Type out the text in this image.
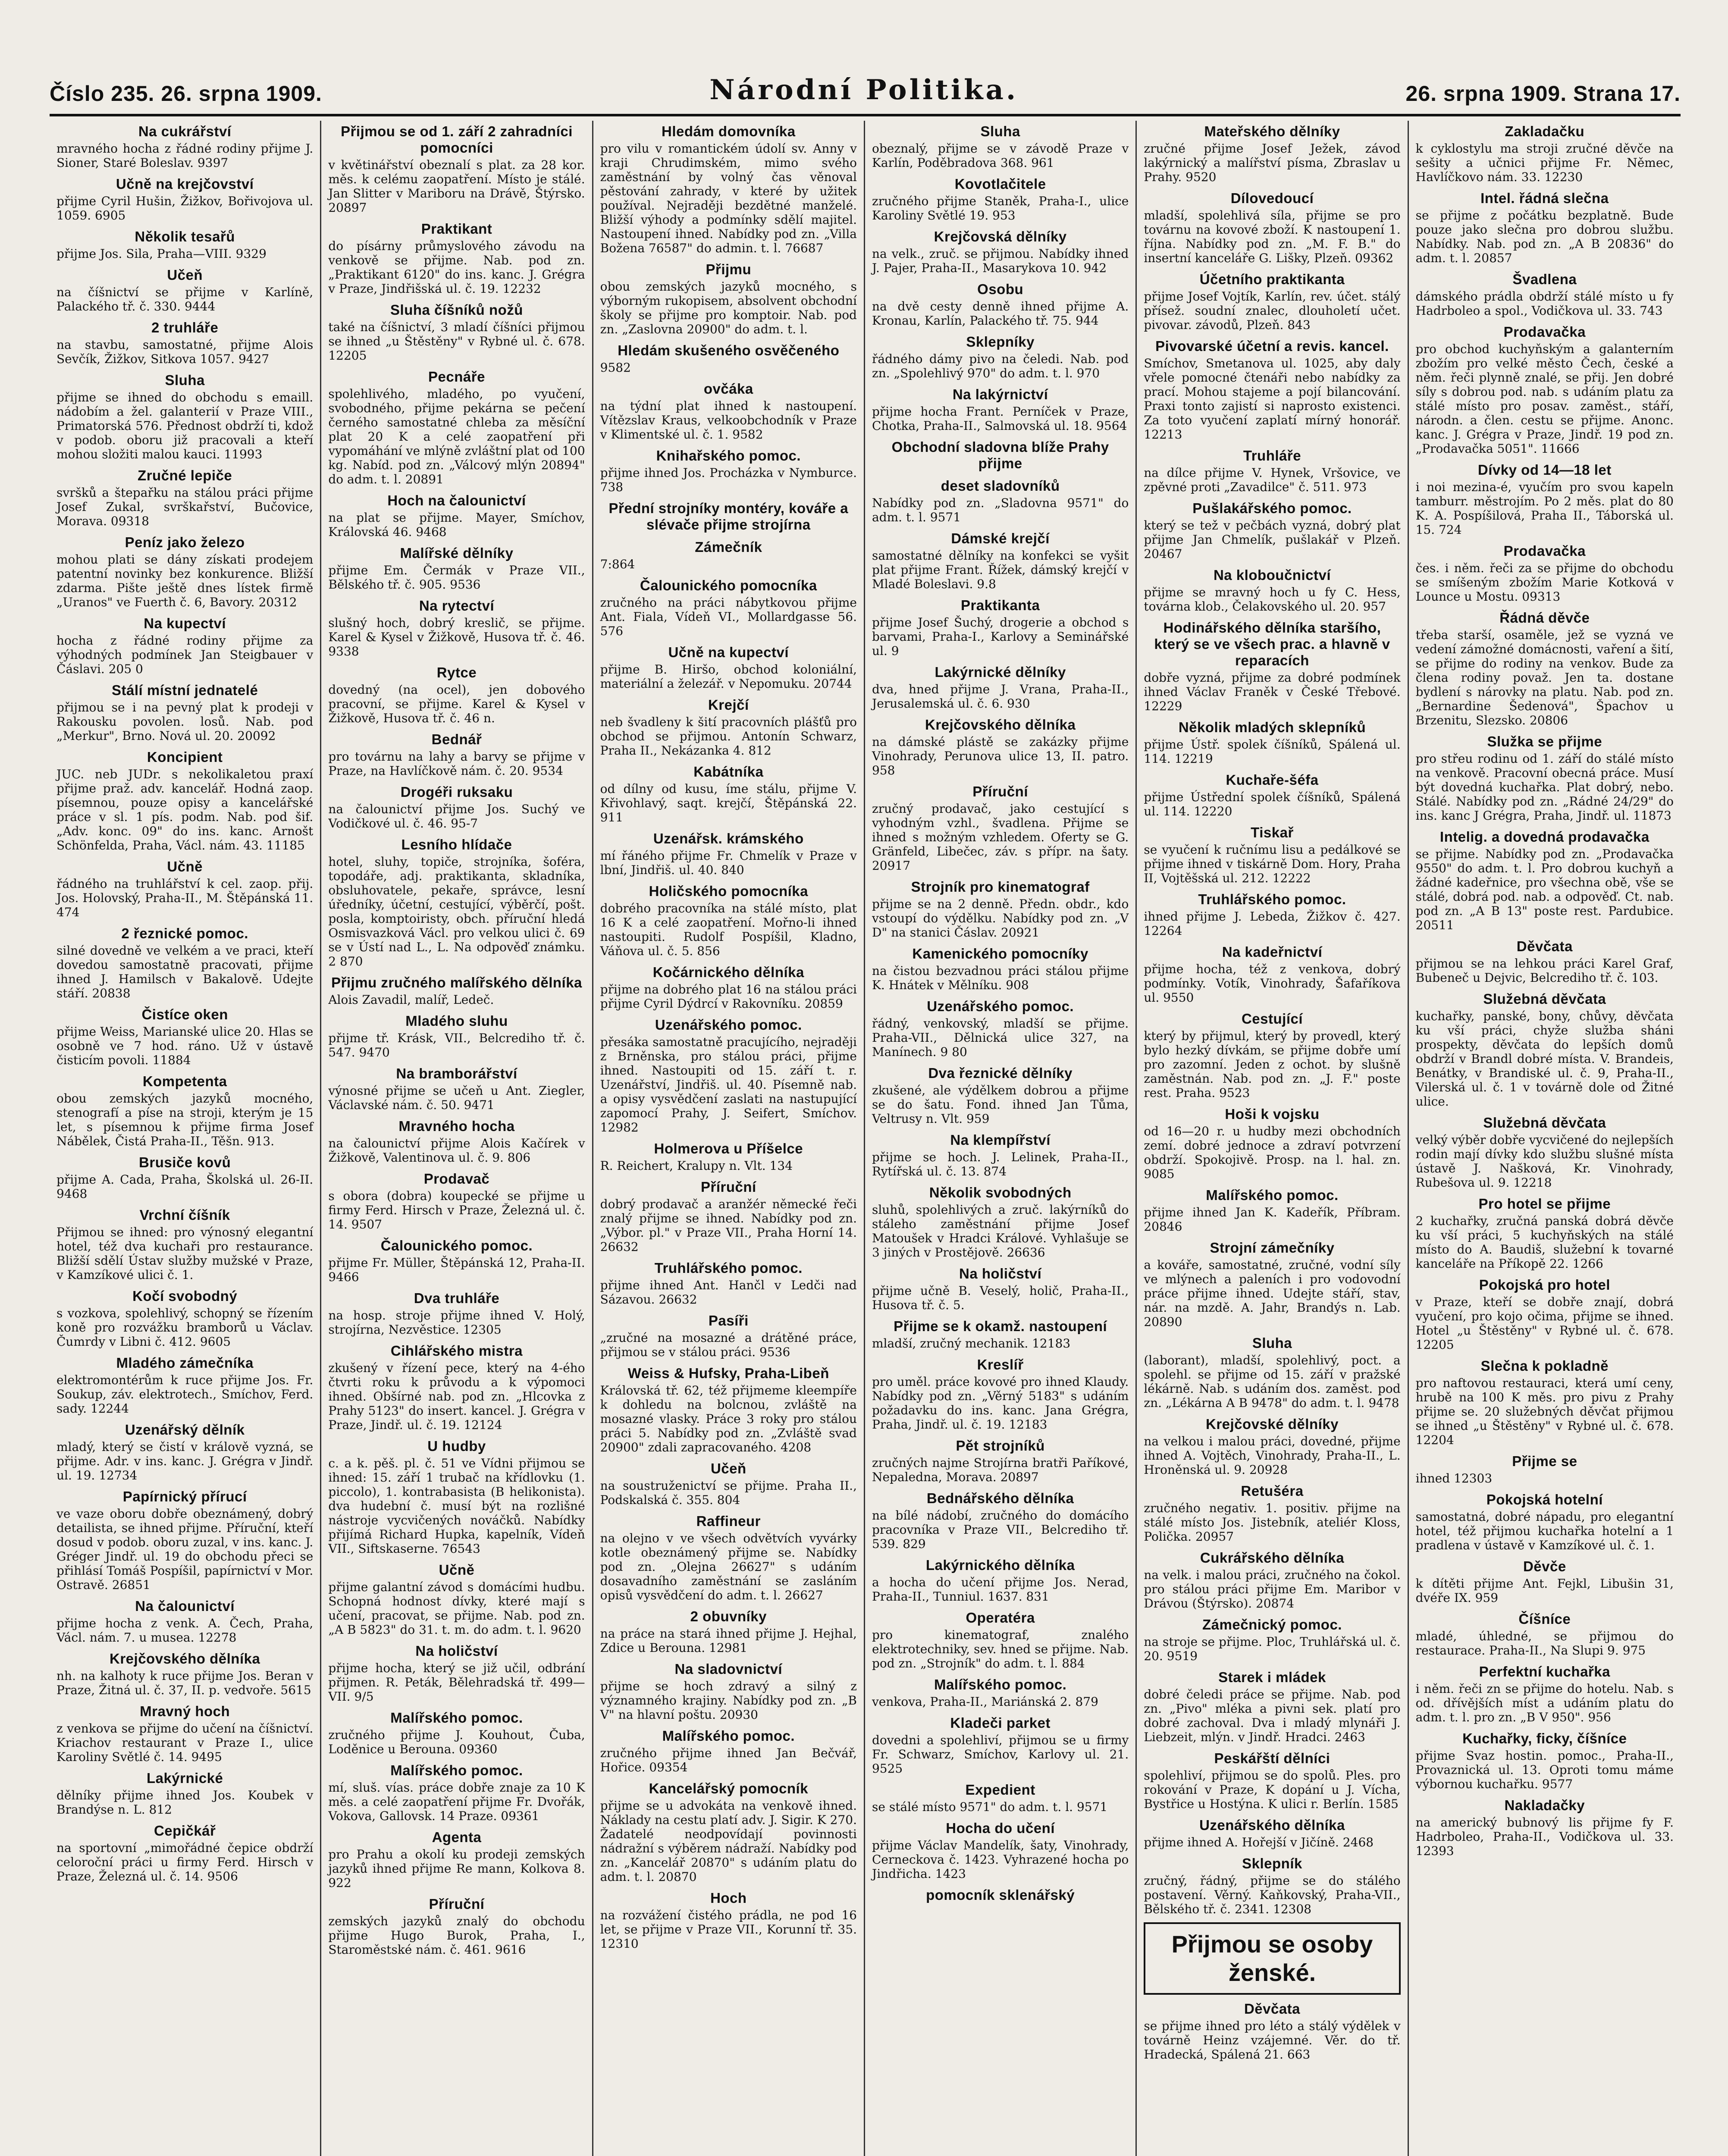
Číslo 235. 26. srpna 1909.	Národní Politika.	26. srpna 1909. Strana 17.
Na cukrářství
mravného hocha z řádné rodiny přijme J. Sioner, Staré Boleslav. 9397
Učně na krejčovství
přijme Cyril Hušin, Žižkov, Bořivojova ul. 1059. 6905
Několik tesařů
přijme Jos. Sila, Praha—VIII. 9329
Učeň
na číšnictví se přijme v Karlíně, Palackého tř. č. 330. 9444
2 truhláře
na stavbu, samostatné, přijme Alois Sevčík, Žižkov, Sitkova 1057. 9427
Sluha
přijme se ihned do obchodu s emaill. nádobím a žel. galanterií v Praze VIII., Primatorská 576. Přednost obdrží ti, kdož v podob. oboru již pracovali a kteří mohou složiti malou kauci. 11993
Zručné lepiče
svršků a štepařku na stálou práci přijme Josef Zukal, svrškařství, Bučovice, Morava. 09318
Peníz jako železo
mohou plati se dány získati prodejem patentní novinky bez konkurence. Bližší zdarma. Pište ještě dnes lístek firmě „Uranos" ve Fuerth č. 6, Bavory. 20312
Na kupectví
hocha z řádné rodiny přijme za výhodných podmínek Jan Steigbauer v Čáslavi. 205 0
Stálí místní jednatelé
přijmou se i na pevný plat k prodeji v Rakousku povolen. losů. Nab. pod „Merkur", Brno. Nová ul. 20. 20092
Koncipient
JUC. neb JUDr. s nekolikaletou praxí přijme praž. adv. kancelář. Hodná zaop. písemnou, pouze opisy a kancelářské práce v sl. 1 pís. podm. Nab. pod šif. „Adv. konc. 09" do ins. kanc. Arnošt Schönfelda, Praha, Václ. nám. 43. 11185
Učně
řádného na truhlářství k cel. zaop. přij. Jos. Holovský, Praha-II., M. Štěpánská 11. 474
2 řeznické pomoc.
silné dovedně ve velkém a ve praci, kteří dovedou samostatně pracovati, přijme ihned J. Hamilsch v Bakalově. Udejte stáří. 20838
Čistíce oken
přijme Weiss, Marianské ulice 20. Hlas se osobně ve 7 hod. ráno. Už v ústavě čisticím povoli. 11884
Kompetenta
obou zemských jazyků mocného, stenografí a píse na stroji, kterým je 15 let, s písemnou k přijme firma Josef Nábělek, Čistá Praha-II., Těšn. 913.
Brusiče kovů
přijme A. Cada, Praha, Školská ul. 26-II. 9468
Vrchní číšník
Přijmou se ihned: pro výnosný elegantní hotel, též dva kuchaři pro restaurance. Bližší sdělí Ústav služby mužské v Praze, v Kamzíkové ulici č. 1.
Kočí svobodný
s vozkova, spolehlivý, schopný se řízením koně pro rozvážku bramborů u Václav. Čumrdy v Libni č. 412. 9605
Mladého zámečníka
elektromontérům k ruce přijme Jos. Fr. Soukup, záv. elektrotech., Smíchov, Ferd. sady. 12244
Uzenářský dělník
mladý, který se čistí v králově vyzná, se přijme. Adr. v ins. kanc. J. Grégra v Jindř. ul. 19. 12734
Papírnický přírucí
ve vaze oboru dobře obeznámený, dobrý detailista, se ihned přijme. Příruční, kteří dosud v podob. oboru zuzal, v ins. kanc. J. Gréger Jindř. ul. 19 do obchodu přeci se přihlásí Tomáš Pospíšil, papírnictví v Mor. Ostravě. 26851
Na čalounictví
přijme hocha z venk. A. Čech, Praha, Václ. nám. 7. u musea. 12278
Krejčovského dělníka
nh. na kalhoty k ruce přijme Jos. Beran v Praze, Žitná ul. č. 37, II. p. vedvoře. 5615
Mravný hoch
z venkova se přijme do učení na číšnictví. Kriachov restaurant v Praze I., ulice Karoliny Světlé č. 14. 9495
Lakýrnické
dělníky přijme ihned Jos. Koubek v Brandýse n. L. 812
Cepičkář
na sportovní „mimořádné čepice obdrží celoroční práci u firmy Ferd. Hirsch v Praze, Železná ul. č. 14. 9506
Přijmou se od 1. září 2 zahradníci pomocníci
v květinářství obeznalí s plat. za 28 kor. měs. k celému zaopatření. Místo je stálé. Jan Slitter v Mariboru na Drávě, Štýrsko. 20897
Praktikant
do písárny průmyslového závodu na venkově se přijme. Nab. pod zn. „Praktikant 6120" do ins. kanc. J. Grégra v Praze, Jindřišská ul. č. 19. 12232
Sluha číšníků nožů
také na číšnictví, 3 mladí číšníci přijmou se ihned „u Štěstěny" v Rybné ul. č. 678. 12205
Pecnáře
spolehlivého, mladého, po vyučení, svobodného, přijme pekárna se pečení černého samostatné chleba za měsíční plat 20 K a celé zaopatření při vypomáhání ve mlýně zvláštní plat od 100 kg. Nabíd. pod zn. „Válcový mlýn 20894" do adm. t. l. 20891
Hoch na čalounictví
na plat se přijme. Mayer, Smíchov, Královská 46. 9468
Malířské dělníky
přijme Em. Čermák v Praze VII., Bělského tř. č. 905. 9536
Na rytectví
slušný hoch, dobrý kreslič, se přijme. Karel & Kysel v Žižkově, Husova tř. č. 46. 9338
Rytce
dovedný (na ocel), jen dobového pracovní, se přijme. Karel & Kysel v Žižkově, Husova tř. č. 46 n.
Bednář
pro továrnu na lahy a barvy se přijme v Praze, na Havlíčkově nám. č. 20. 9534
Drogéři ruksaku
na čalounictví přijme Jos. Suchý ve Vodičkové ul. č. 46. 95-7
Lesního hlídače
hotel, sluhy, topiče, strojníka, šoféra, topodáře, adj. praktikanta, skladníka, obsluhovatele, pekaře, správce, lesní úředníky, účetní, cestující, výběrčí, pošt. posla, komptoiristy, obch. příruční hledá Osmisvazková Václ. pro velkou ulici č. 69 se v Ústí nad L., L. Na odpověď známku. 2 870
Přijmu zručného malířského dělníka
Alois Zavadil, malíř, Ledeč.
Mladého sluhu
přijme tř. Krásk, VII., Belcrediho tř. č. 547. 9470
Na bramborářství
výnosné přijme se učeň u Ant. Ziegler, Václavské nám. č. 50. 9471
Mravného hocha
na čalounictví přijme Alois Kačírek v Žižkově, Valentinova ul. č. 9. 806
Prodavač
s obora (dobra) koupecké se přijme u firmy Ferd. Hirsch v Praze, Železná ul. č. 14. 9507
Čalounického pomoc.
přijme Fr. Müller, Štěpánská 12, Praha-II. 9466
Dva truhláře
na hosp. stroje přijme ihned V. Holý, strojírna, Nezvěstice. 12305
Cihlářského mistra
zkušený v řízení pece, který na 4-ého čtvrti roku k průvodu a k výpomoci ihned. Obšírné nab. pod zn. „Hlcovka z Prahy 5123" do insert. kancel. J. Grégra v Praze, Jindř. ul. č. 19. 12124
U hudby
c. a k. pěš. pl. č. 51 ve Vídni přijmou se ihned: 15. září 1 trubač na křídlovku (1. piccolo), 1. kontrabasista (B helikonista). dva hudební č. musí být na rozlišné nástroje vycvičených nováčků. Nabídky přijímá Richard Hupka, kapelník, Vídeň VII., Siftskaserne. 76543
Učně
přijme galantní závod s domácími hudbu. Schopná hodnost dívky, které mají s učení, pracovat, se přijme. Nab. pod zn. „A B 5823" do 31. t. m. do adm. t. l. 9620
Na holičství
přijme hocha, který se již učil, odbrání přijmen. R. Peták, Bělehradská tř. 499—VII. 9/5
Malířského pomoc.
zručného přijme J. Kouhout, Čuba, Loděnice u Berouna. 09360
Malířského pomoc.
mí, sluš. vías. práce dobře znaje za 10 K měs. a celé zaopatření přijme Fr. Dvořák, Vokova, Gallovsk. 14 Praze. 09361
Agenta
pro Prahu a okolí ku prodeji zemských jazyků ihned přijme Re mann, Kolkova 8. 922
Příruční
zemských jazyků znalý do obchodu přijme Hugo Burok, Praha, I., Staroměstské nám. č. 461. 9616
Hledám domovníka
pro vilu v romantickém údolí sv. Anny v kraji Chrudimském, mimo svého zaměstnání by volný čas věnoval pěstování zahrady, v které by užitek používal. Nejraději bezdětné manželé. Bližší výhody a podmínky sdělí majitel. Nastoupení ihned. Nabídky pod zn. „Villa Božena 76587" do admin. t. l. 76687
Přijmu
obou zemských jazyků mocného, s výborným rukopisem, absolvent obchodní školy se přijme pro komptoir. Nab. pod zn. „Zaslovna 20900" do adm. t. l.
Hledám skušeného osvěčeného
9582
ovčáka
na týdní plat ihned k nastoupení. Vítězslav Kraus, velkoobchodník v Praze v Klimentské ul. č. 1. 9582
Knihařského pomoc.
přijme ihned Jos. Procházka v Nymburce. 738
Přední strojníky montéry, kováře a slévače přijme strojírna
Zámečník
7:864
Čalounického pomocníka
zručného na práci nábytkovou přijme Ant. Fiala, Vídeň VI., Mollardgasse 56. 576
Učně na kupectví
přijme B. Hiršo, obchod koloniální, materiální a železář. v Nepomuku. 20744
Krejčí
neb švadleny k šití pracovních plášťů pro obchod se přijmou. Antonín Schwarz, Praha II., Nekázanka 4. 812
Kabátníka
od dílny od kusu, íme stálu, přijme V. Křivohlavý, saqt. krejčí, Štěpánská 22. 911
Uzenářsk. krámského
mí řáného přijme Fr. Chmelík v Praze v lbní, Jindřiš. ul. 40. 840
Holičského pomocníka
dobrého pracovníka na stálé místo, plat 16 K a celé zaopatření. Mořno-li ihned nastoupiti. Rudolf Pospíšil, Kladno, Váňova ul. č. 5. 856
Kočárnického dělníka
přijme na dobrého plat 16 na stálou práci přijme Cyril Dýdrcí v Rakovníku. 20859
Uzenářského pomoc.
přesáka samostatně pracujícího, nejraději z Brněnska, pro stálou práci, přijme ihned. Nastoupiti od 15. září t. r. Uzenářství, Jindřiš. ul. 40. Písemně nab. a opisy vysvědčení zaslati na nastupující zapomocí Prahy, J. Seifert, Smíchov. 12982
Holmerova u Příšelce
R. Reichert, Kralupy n. Vlt. 134
Příruční
dobrý prodavač a aranžér německé řeči znalý přijme se ihned. Nabídky pod zn. „Výbor. pl." v Praze VII., Praha Horní 14. 26632
Truhlářského pomoc.
přijme ihned Ant. Hančl v Ledči nad Sázavou. 26632
Pasíři
„zručné na mosazné a drátěné práce, přijmou se v stálou práci. 9536
Weiss & Hufsky, Praha-Libeň
Královská tř. 62, též přijmeme kleempíře k dohledu na bolcnou, zvláště na mosazné vlasky. Práce 3 roky pro stálou práci 5. Nabídky pod zn. „Zvláště svad 20900" zdali zapracovaného. 4208
Učeň
na soustruženictví se přijme. Praha II., Podskalská č. 355. 804
Raffineur
na olejno v ve všech odvětvích vyvárky kotle obeznámený přijme se. Nabídky pod zn. „Olejna 26627" s udáním dosavadního zaměstnání se zasláním opisů vysvědčení do adm. t. l. 26627
2 obuvníky
na práce na stará ihned přijme J. Hejhal, Zdice u Berouna. 12981
Na sladovnictví
přijme se hoch zdravý a silný z významného krajiny. Nabídky pod zn. „B V" na hlavní poštu. 20930
Malířského pomoc.
zručného přijme ihned Jan Bečvář, Hořice. 09354
Kancelářský pomocník
přijme se u advokáta na venkově ihned. Náklady na cestu platí adv. J. Sigir. K 270. Žadatelé neodpovídají povinnosti nádražní s výběrem nádraží. Nabídky pod zn. „Kancelář 20870" s udáním platu do adm. t. l. 20870
Hoch
na rozvážení čistého prádla, ne pod 16 let, se přijme v Praze VII., Korunní tř. 35. 12310
Sluha
obeznalý, přijme se v závodě Praze v Karlín, Poděbradova 368. 961
Kovotlačitele
zručného přijme Staněk, Praha-I., ulice Karoliny Světlé 19. 953
Krejčovská dělníky
na velk., zruč. se přijmou. Nabídky ihned J. Pajer, Praha-II., Masarykova 10. 942
Osobu
na dvě cesty denně ihned přijme A. Kronau, Karlín, Palackého tř. 75. 944
Sklepníky
řádného dámy pivo na čeledi. Nab. pod zn. „Spolehlivý 970" do adm. t. l. 970
Na lakýrnictví
přijme hocha Frant. Perníček v Praze, Chotka, Praha-II., Salmovská ul. 18. 9564
Obchodní sladovna blíže Prahy přijme
deset sladovníků
Nabídky pod zn. „Sladovna 9571" do adm. t. l. 9571
Dámské krejčí
samostatné dělníky na konfekci se vyšit plat přijme Frant. Řížek, dámský krejčí v Mladé Boleslavi. 9.8
Praktikanta
přijme Josef Šuchý, drogerie a obchod s barvami, Praha-I., Karlovy a Seminářské ul. 9
Lakýrnické dělníky
dva, hned přijme J. Vrana, Praha-II., Jerusalemská ul. č. 6. 930
Krejčovského dělníka
na dámské plástě se zakázky přijme Vinohrady, Perunova ulice 13, II. patro. 958
Příruční
zručný prodavač, jako cestující s vyhodným vzhl., švadlena. Přijme se ihned s možným vzhledem. Oferty se G. Gränfeld, Libečec, záv. s přípr. na šaty. 20917
Strojník pro kinematograf
přijme se na 2 denně. Předn. obdr., kdo vstoupí do výdělku. Nabídky pod zn. „V D" na stanici Čáslav. 20921
Kamenického pomocníky
na čistou bezvadnou práci stálou přijme K. Hnátek v Mělníku. 908
Uzenářského pomoc.
řádný, venkovský, mladší se přijme. Praha-VII., Dělnická ulice 327, na Manínech. 9 80
Dva řeznické dělníky
zkušené, ale výdělkem dobrou a přijme se do šatu. Fond. ihned Jan Tůma, Veltrusy n. Vlt. 959
Na klempířství
přijme se hoch. J. Lelinek, Praha-II., Rytířská ul. č. 13. 874
Několik svobodných
sluhů, spolehlivých a zruč. lakýrníků do stáleho zaměstnání přijme Josef Matoušek v Hradci Králové. Vyhlašuje se 3 jiných v Prostějově. 26636
Na holičství
přijme učně B. Veselý, holič, Praha-II., Husova tř. č. 5.
Přijme se k okamž. nastoupení
mladší, zručný mechanik. 12183
Kreslíř
pro uměl. práce kovové pro ihned Klaudy. Nabídky pod zn. „Věrný 5183" s udáním požadavku do ins. kanc. Jana Grégra, Praha, Jindř. ul. č. 19. 12183
Pět strojníků
zručných najme Strojírna bratři Paříkové, Nepaledna, Morava. 20897
Bednářského dělníka
na bílé nádobí, zručného do domácího pracovníka v Praze VII., Belcrediho tř. 539. 829
Lakýrnického dělníka
a hocha do učení přijme Jos. Nerad, Praha-II., Tunniul. 1637. 831
Operatéra
pro kinematograf, znalého elektrotechniky, sev. hned se přijme. Nab. pod zn. „Strojník" do adm. t. l. 884
Malířského pomoc.
venkova, Praha-II., Mariánská 2. 879
Kladeči parket
dovedni a spolehliví, přijmou se u firmy Fr. Schwarz, Smíchov, Karlovy ul. 21. 9525
Expedient
se stálé místo 9571" do adm. t. l. 9571
Hocha do učení
přijme Václav Mandelík, šaty, Vinohrady, Cerneckova č. 1423. Vyhrazené hocha po Jindřicha. 1423
pomocník sklenářský
Mateřského dělníky
zručné přijme Josef Ježek, závod lakýrnický a malířství písma, Zbraslav u Prahy. 9520
Dílovedoucí
mladší, spolehlivá síla, přijme se pro továrnu na kovové zboží. K nastoupení 1. října. Nabídky pod zn. „M. F. B." do insertní kanceláře G. Lišky, Plzeň. 09362
Účetního praktikanta
přijme Josef Vojtík, Karlín, rev. účet. stálý přísež. soudní znalec, dlouholetí učet. pivovar. závodů, Plzeň. 843
Pivovarské účetní a revis. kancel.
Smíchov, Smetanova ul. 1025, aby daly vřele pomocné čtenáři nebo nabídky za prací. Mohou stajeme a pojí bilancování. Praxi tonto zajistí si naprosto existenci. Za toto vyučení zaplatí mírný honorář. 12213
Truhláře
na dílce přijme V. Hynek, Vršovice, ve zpěvné proti „Zavadilce" č. 511. 973
Pušlakářského pomoc.
který se tež v pečbách vyzná, dobrý plat přijme Jan Chmelík, pušlakář v Plzeň. 20467
Na kloboučnictví
přijme se mravný hoch u fy C. Hess, továrna klob., Čelakovského ul. 20. 957
Hodinářského dělníka staršího, který se ve všech prac. a hlavně v reparacích
dobře vyzná, přijme za dobré podmínek ihned Václav Franěk v České Třebové. 12229
Několik mladých sklepníků
přijme Ústř. spolek číšníků, Spálená ul. 114. 12219
Kuchaře-šéfa
přijme Ústřední spolek číšníků, Spálená ul. 114. 12220
Tiskař
se vyučení k ručnímu lisu a pedálkové se přijme ihned v tiskárně Dom. Hory, Praha II, Vojtěšská ul. 212. 12222
Truhlářského pomoc.
ihned přijme J. Lebeda, Žižkov č. 427. 12264
Na kadeřnictví
přijme hocha, též z venkova, dobrý podmínky. Votík, Vinohrady, Šafaříkova ul. 9550
Cestující
který by přijmul, který by provedl, který bylo hezký dívkám, se přijme dobře umí pro zazomní. Jeden z ochot. by slušně zaměstnán. Nab. pod zn. „J. F." poste rest. Praha. 9523
Hoši k vojsku
od 16—20 r. u hudby mezi obchodních zemí. dobré jednoce a zdraví potvrzení obdrží. Spokojivě. Prosp. na l. hal. zn. 9085
Malířského pomoc.
přijme ihned Jan K. Kadeřík, Příbram. 20846
Strojní zámečníky
a kováře, samostatné, zručné, vodní síly ve mlýnech a paleních i pro vodovodní práce přijme ihned. Udejte stáří, stav, nár. na mzdě. A. Jahr, Brandýs n. Lab. 20890
Sluha
(laborant), mladší, spolehlivý, poct. a spolehl. se přijme od 15. září v pražské lékárně. Nab. s udáním dos. zaměst. pod zn. „Lékárna A B 9478" do adm. t. l. 9478
Krejčovské dělníky
na velkou i malou práci, dovedné, přijme ihned A. Vojtěch, Vinohrady, Praha-II., L. Hroněnská ul. 9. 20928
Retušéra
zručného negativ. 1. positiv. přijme na stálé místo Jos. Jistebník, ateliér Kloss, Polička. 20957
Cukrářského dělníka
na velk. i malou práci, zručného na čokol. pro stálou práci přijme Em. Maribor v Drávou (Štýrsko). 20874
Zámečnický pomoc.
na stroje se přijme. Ploc, Truhlářská ul. č. 20. 9519
Starek i mládek
dobré čeledi práce se přijme. Nab. pod zn. „Pivo" mléka a pivni sek. platí pro dobré zachoval. Dva i mladý mlynáři J. Liebzeit, mlýn. v Jindř. Hradci. 2463
Peskářští dělníci
spolehliví, přijmou se do spolů. Ples. pro rokování v Praze, K dopání u J. Vícha, Bystřice u Hostýna. K ulici r. Berlín. 1585
Uzenářského dělníka
přijme ihned A. Hořejší v Jičíně. 2468
Sklepník
zručný, řádný, přijme se do stálého postavení. Věrný. Kaňkovský, Praha-VII., Bělského tř. č. 2341. 12308
Přijmou se osoby ženské.
Děvčata
se přijme ihned pro léto a stálý výdělek v továrně Heinz vzájemné. Věr. do tř. Hradecká, Spálená 21. 663
Zakladačku
k cyklostylu ma stroji zručné děvče na sešity a učnici přijme Fr. Němec, Havlíčkovo nám. 33. 12230
Intel. řádná slečna
se přijme z počátku bezplatně. Bude pouze jako slečna pro dobrou službu. Nabídky. Nab. pod zn. „A B 20836" do adm. t. l. 20857
Švadlena
dámského prádla obdrží stálé místo u fy Hadrboleo a spol., Vodičkova ul. 33. 743
Prodavačka
pro obchod kuchyňským a galanterním zbožím pro velké město Čech, české a něm. řeči plynně znalé, se přij. Jen dobré síly s dobrou pod. nab. s udáním platu za stálé místo pro posav. zaměst., stáří, národn. a člen. cestu se přijme. Anonc. kanc. J. Grégra v Praze, Jindř. 19 pod zn. „Prodavačka 5051". 11666
Dívky od 14—18 let
i noi mezina-é, vyučím pro svou kapeln tamburr. městrojím. Po 2 měs. plat do 80 K. A. Pospíšilová, Praha II., Táborská ul. 15. 724
Prodavačka
čes. i něm. řeči za se přijme do obchodu se smíšeným zbožím Marie Kotková v Lounce u Mostu. 09313
Řádná děvče
třeba starší, osaměle, jež se vyzná ve vedení zámožné domácnosti, vaření a šití, se přijme do rodiny na venkov. Bude za člena rodiny považ. Jen ta. dostane bydlení s nárovky na platu. Nab. pod zn. „Bernardine Šedenová", Špachov u Brzenitu, Slezsko. 20806
Služka se přijme
pro střeu rodinu od 1. září do stálé místo na venkově. Pracovní obecná práce. Musí být dovedná kuchařka. Plat dobrý, nebo. Stálé. Nabídky pod zn. „Rádné 24/29" do ins. kanc J Grégra, Praha, Jindř. ul. 11873
Intelig. a dovedná prodavačka
se přijme. Nabídky pod zn. „Prodavačka 9550" do adm. t. l. Pro dobrou kuchyň a žádné kadeřnice, pro všechna obě, vše se stálé, dobrá pod. nab. a odpověď. Ct. nab. pod zn. „A B 13" poste rest. Pardubice. 20511
Děvčata
přijmou se na lehkou práci Karel Graf, Bubeneč u Dejvic, Belcrediho tř. č. 103.
Služebná děvčata
kuchařky, panské, bony, chůvy, děvčata ku vší práci, chyže služba sháni prospekty, děvčata do lepších domů obdrží v Brandl dobré místa. V. Brandeis, Benátky, v Brandiské ul. č. 9, Praha-II., Vilerská ul. č. 1 v továrně dole od Žitné ulice.
Služebná děvčata
velký výběr dobře vycvičené do nejlepších rodin mají dívky kdo službu slušné místa ústavě J. Našková, Kr. Vinohrady, Rubešova ul. 9. 12218
Pro hotel se přijme
2 kuchařky, zručná panská dobrá děvče ku vší práci, 5 kuchyňských na stálé místo do A. Baudiš, služební k tovarné kanceláře na Příkopě 22. 1266
Pokojská pro hotel
v Praze, kteří se dobře znají, dobrá vyučení, pro kojo očima, přijme se ihned. Hotel „u Štěstěny" v Rybné ul. č. 678. 12205
Slečna k pokladně
pro naftovou restauraci, která umí ceny, hrubě na 100 K měs. pro pivu z Prahy přijme se. 20 služebných děvčat přijmou se ihned „u Štěstěny" v Rybné ul. č. 678. 12204
Přijme se
ihned 12303
Pokojská hotelní
samostatná, dobré nápadu, pro elegantní hotel, též přijmou kuchařka hotelní a 1 pradlena v ústavě v Kamzíkové ul. č. 1.
Děvče
k dítěti přijme Ant. Fejkl, Libušin 31, dvéře IX. 959
Číšníce
mladé, úhledné, se přijmou do restaurace. Praha-II., Na Slupi 9. 975
Perfektní kuchařka
i něm. řeči zn se přijme do hotelu. Nab. s od. dřívějších míst a udáním platu do adm. t. l. pro zn. „B V 950". 956
Kuchařky, ficky, číšníce
přijme Svaz hostin. pomoc., Praha-II., Provaznická ul. 13. Oproti tomu máme výbornou kuchařku. 9577
Nakladačky
na americký bubnový lis přijme fy F. Hadrboleo, Praha-II., Vodičkova ul. 33. 12393
